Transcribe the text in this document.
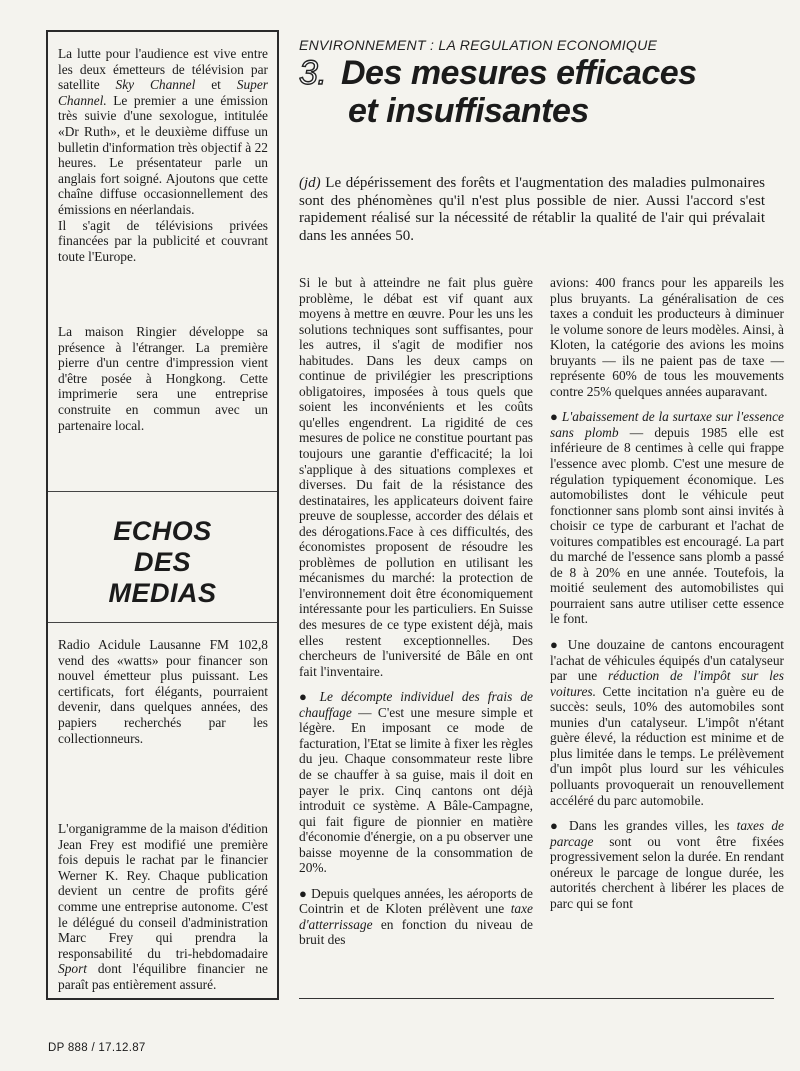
La lutte pour l'audience est vive entre les deux émetteurs de télévision par satellite Sky Channel et Super Channel. Le premier a une émission très suivie d'une sexologue, intitulée «Dr Ruth», et le deuxième diffuse un bulletin d'information très objectif à 22 heures. Le présentateur parle un anglais fort soigné. Ajoutons que cette chaîne diffuse occasionnellement des émissions en néerlandais.

Il s'agit de télévisions privées financées par la publicité et couvrant toute l'Europe.

La maison Ringier développe sa présence à l'étranger. La première pierre d'un centre d'impression vient d'être posée à Hongkong. Cette imprimerie sera une entreprise construite en commun avec un partenaire local.

ECHOS
DES
MEDIAS

Radio Acidule Lausanne FM 102,8 vend des «watts» pour financer son nouvel émetteur plus puissant. Les certificats, fort élégants, pourraient devenir, dans quelques années, des papiers recherchés par les collectionneurs.

L'organigramme de la maison d'édition Jean Frey est modifié une première fois depuis le rachat par le financier Werner K. Rey. Chaque publication devient un centre de profits géré comme une entreprise autonome. C'est le délégué du conseil d'administration Marc Frey qui prendra la responsabilité du tri-hebdomadaire Sport dont l'équilibre financier ne paraît pas entièrement assuré.

ENVIRONNEMENT : LA REGULATION ECONOMIQUE
3. Des mesures efficaces
et insuffisantes
(jd) Le dépérissement des forêts et l'augmentation des maladies pulmonaires sont des phénomènes qu'il n'est plus possible de nier. Aussi l'accord s'est rapidement réalisé sur la nécessité de rétablir la qualité de l'air qui prévalait dans les années 50.

Si le but à atteindre ne fait plus guère problème, le débat est vif quant aux moyens à mettre en œuvre. Pour les uns les solutions techniques sont suffisantes, pour les autres, il s'agit de modifier nos habitudes. Dans les deux camps on continue de privilégier les prescriptions obligatoires, imposées à tous quels que soient les inconvénients et les coûts qu'elles engendrent. La rigidité de ces mesures de police ne constitue pourtant pas toujours une garantie d'efficacité; la loi s'applique à des situations complexes et diverses. Du fait de la résistance des destinataires, les applicateurs doivent faire preuve de souplesse, accorder des délais et des dérogations.Face à ces difficultés, des économistes proposent de résoudre les problèmes de pollution en utilisant les mécanismes du marché: la protection de l'environnement doit être économiquement intéressante pour les particuliers. En Suisse des mesures de ce type existent déjà, mais elles restent exceptionnelles. Des chercheurs de l'université de Bâle en ont fait l'inventaire.

● Le décompte individuel des frais de chauffage — C'est une mesure simple et légère. En imposant ce mode de facturation, l'Etat se limite à fixer les règles du jeu. Chaque consommateur reste libre de se chauffer à sa guise, mais il doit en payer le prix. Cinq cantons ont déjà introduit ce système. A Bâle-Campagne, qui fait figure de pionnier en matière d'économie d'énergie, on a pu observer une baisse moyenne de la consommation de 20%.

● Depuis quelques années, les aéroports de Cointrin et de Kloten prélèvent une taxe d'atterrissage en fonction du niveau de bruit des

avions: 400 francs pour les appareils les plus bruyants. La généralisation de ces taxes a conduit les producteurs à diminuer le volume sonore de leurs modèles. Ainsi, à Kloten, la catégorie des avions les moins bruyants — ils ne paient pas de taxe — représente 60% de tous les mouvements contre 25% quelques années auparavant.

● L'abaissement de la surtaxe sur l'essence sans plomb — depuis 1985 elle est inférieure de 8 centimes à celle qui frappe l'essence avec plomb. C'est une mesure de régulation typiquement économique. Les automobilistes dont le véhicule peut fonctionner sans plomb sont ainsi invités à choisir ce type de carburant et l'achat de voitures compatibles est encouragé. La part du marché de l'essence sans plomb a passé de 8 à 20% en une année. Toutefois, la moitié seulement des automobilistes qui pourraient sans autre utiliser cette essence le font.

● Une douzaine de cantons encouragent l'achat de véhicules équipés d'un catalyseur par une réduction de l'impôt sur les voitures. Cette incitation n'a guère eu de succès: seuls, 10% des automobiles sont munies d'un catalyseur. L'impôt n'étant guère élevé, la réduction est minime et de plus limitée dans le temps. Le prélèvement d'un impôt plus lourd sur les véhicules polluants provoquerait un renouvellement accéléré du parc automobile.

● Dans les grandes villes, les taxes de parcage sont ou vont être fixées progressivement selon la durée. En rendant onéreux le parcage de longue durée, les autorités cherchent à libérer les places de parc qui se font

DP 888 / 17.12.87
